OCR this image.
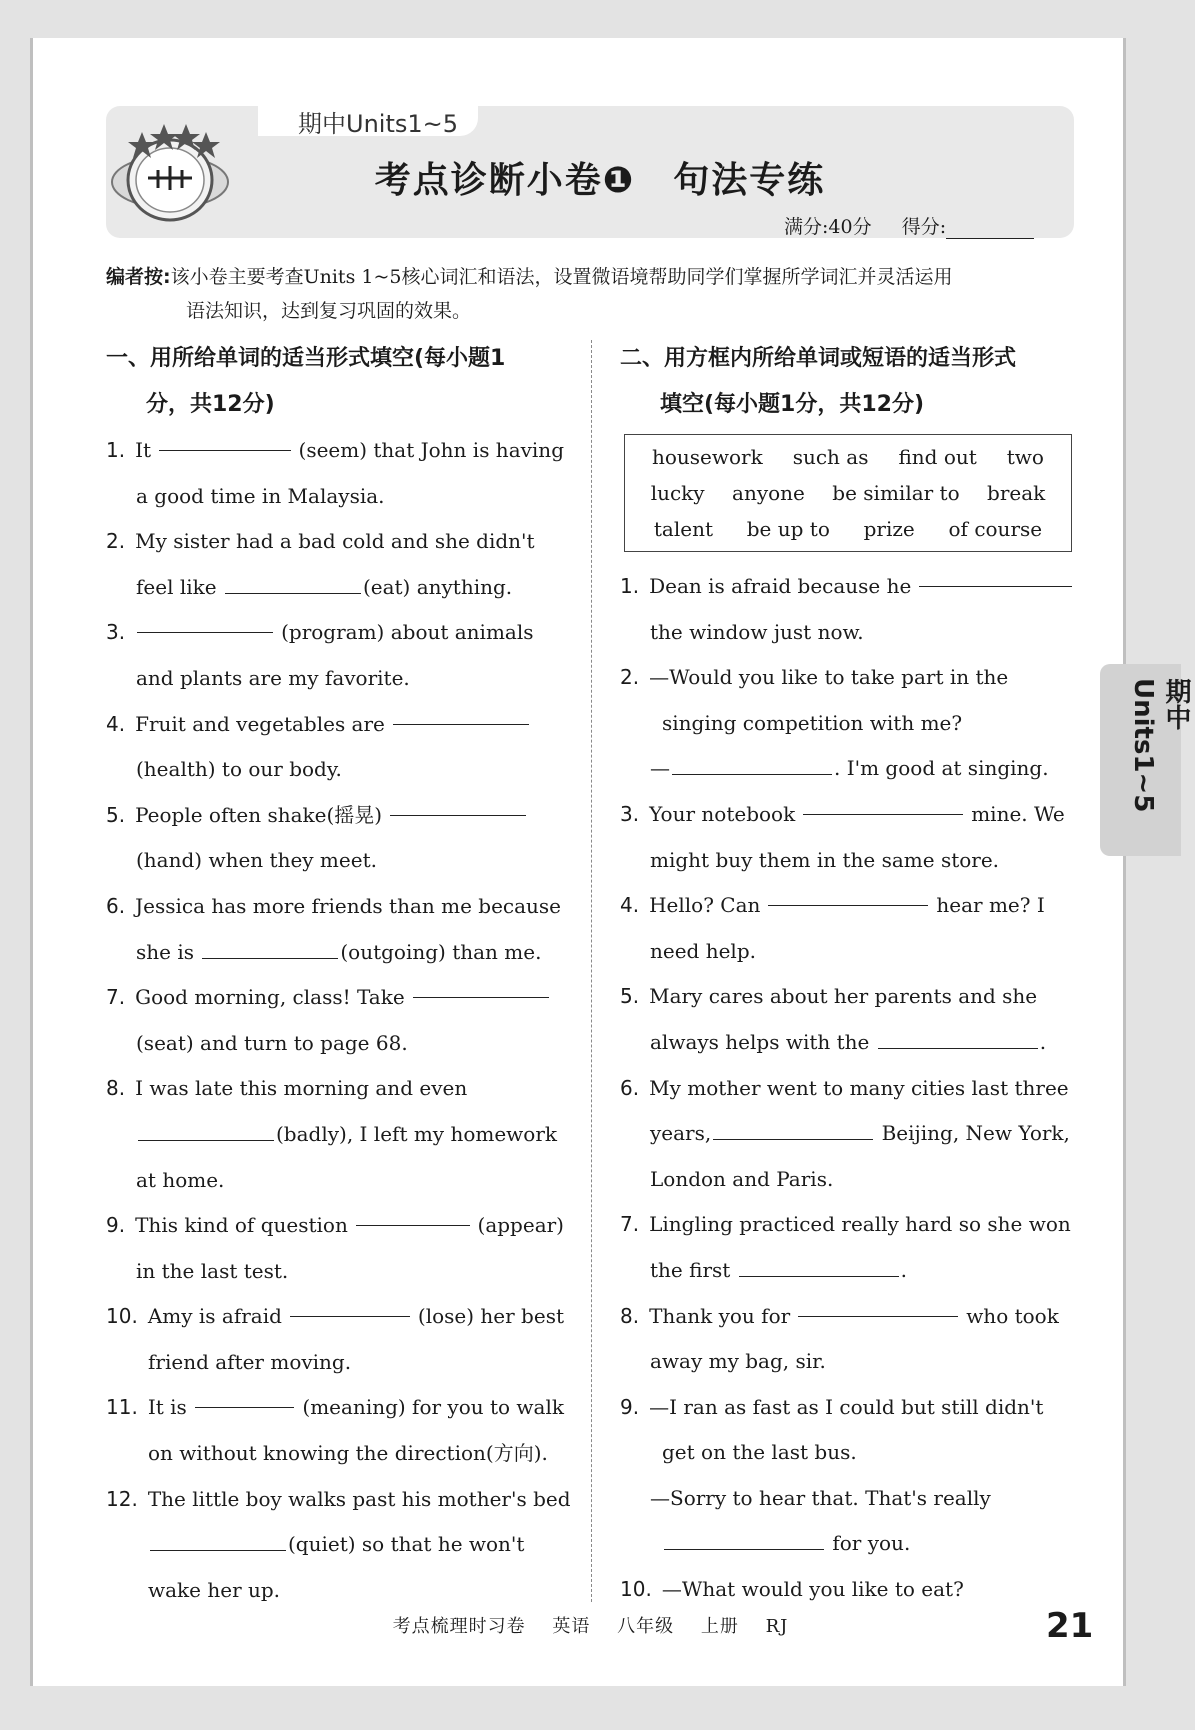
期中Units1~5
考点诊断小卷❶　句法专练
满分:40分 得分:
编者按:该小卷主要考查Units 1~5核心词汇和语法，设置微语境帮助同学们掌握所学词汇并灵活运用
语法知识，达到复习巩固的效果。
一、用所给单词的适当形式填空(每小题1
分，共12分)
1. It	(seem) that John is having
a good time in Malaysia.
2. My sister had a bad cold and she didn't
feel like	(eat) anything.
3.	(program) about animals
and plants are my favorite.
4. Fruit and vegetables are
(health) to our body.
5. People often shake(摇晃)
(hand) when they meet.
6. Jessica has more friends than me because
she is	(outgoing) than me.
7. Good morning, class! Take
(seat) and turn to page 68.
8. I was late this morning and even
(badly), I left my homework
at home.
9. This kind of question	(appear)
in the last test.
10. Amy is afraid	(lose) her best
friend after moving.
11. It is	(meaning) for you to walk
on without knowing the direction(方向).
12. The little boy walks past his mother's bed
(quiet) so that he won't
wake her up.
二、用方框内所给单词或短语的适当形式
填空(每小题1分，共12分)
housework such as find out two
lucky anyone be similar to break
talent be up to prize of course
1. Dean is afraid because he
the window just now.
2. —Would you like to take part in the
singing competition with me?
—	. I'm good at singing.
3. Your notebook	mine. We
might buy them in the same store.
4. Hello? Can	hear me? I
need help.
5. Mary cares about her parents and she
always helps with the	.
6. My mother went to many cities last three
years,	Beijing, New York,
London and Paris.
7. Lingling practiced really hard so she won
the first	.
8. Thank you for	who took
away my bag, sir.
9. —I ran as fast as I could but still didn't
get on the last bus.
—Sorry to hear that. That's really
for you.
10. —What would you like to eat?
期中Units1~5
考点梳理时习卷 英语 八年级 上册 RJ	21
